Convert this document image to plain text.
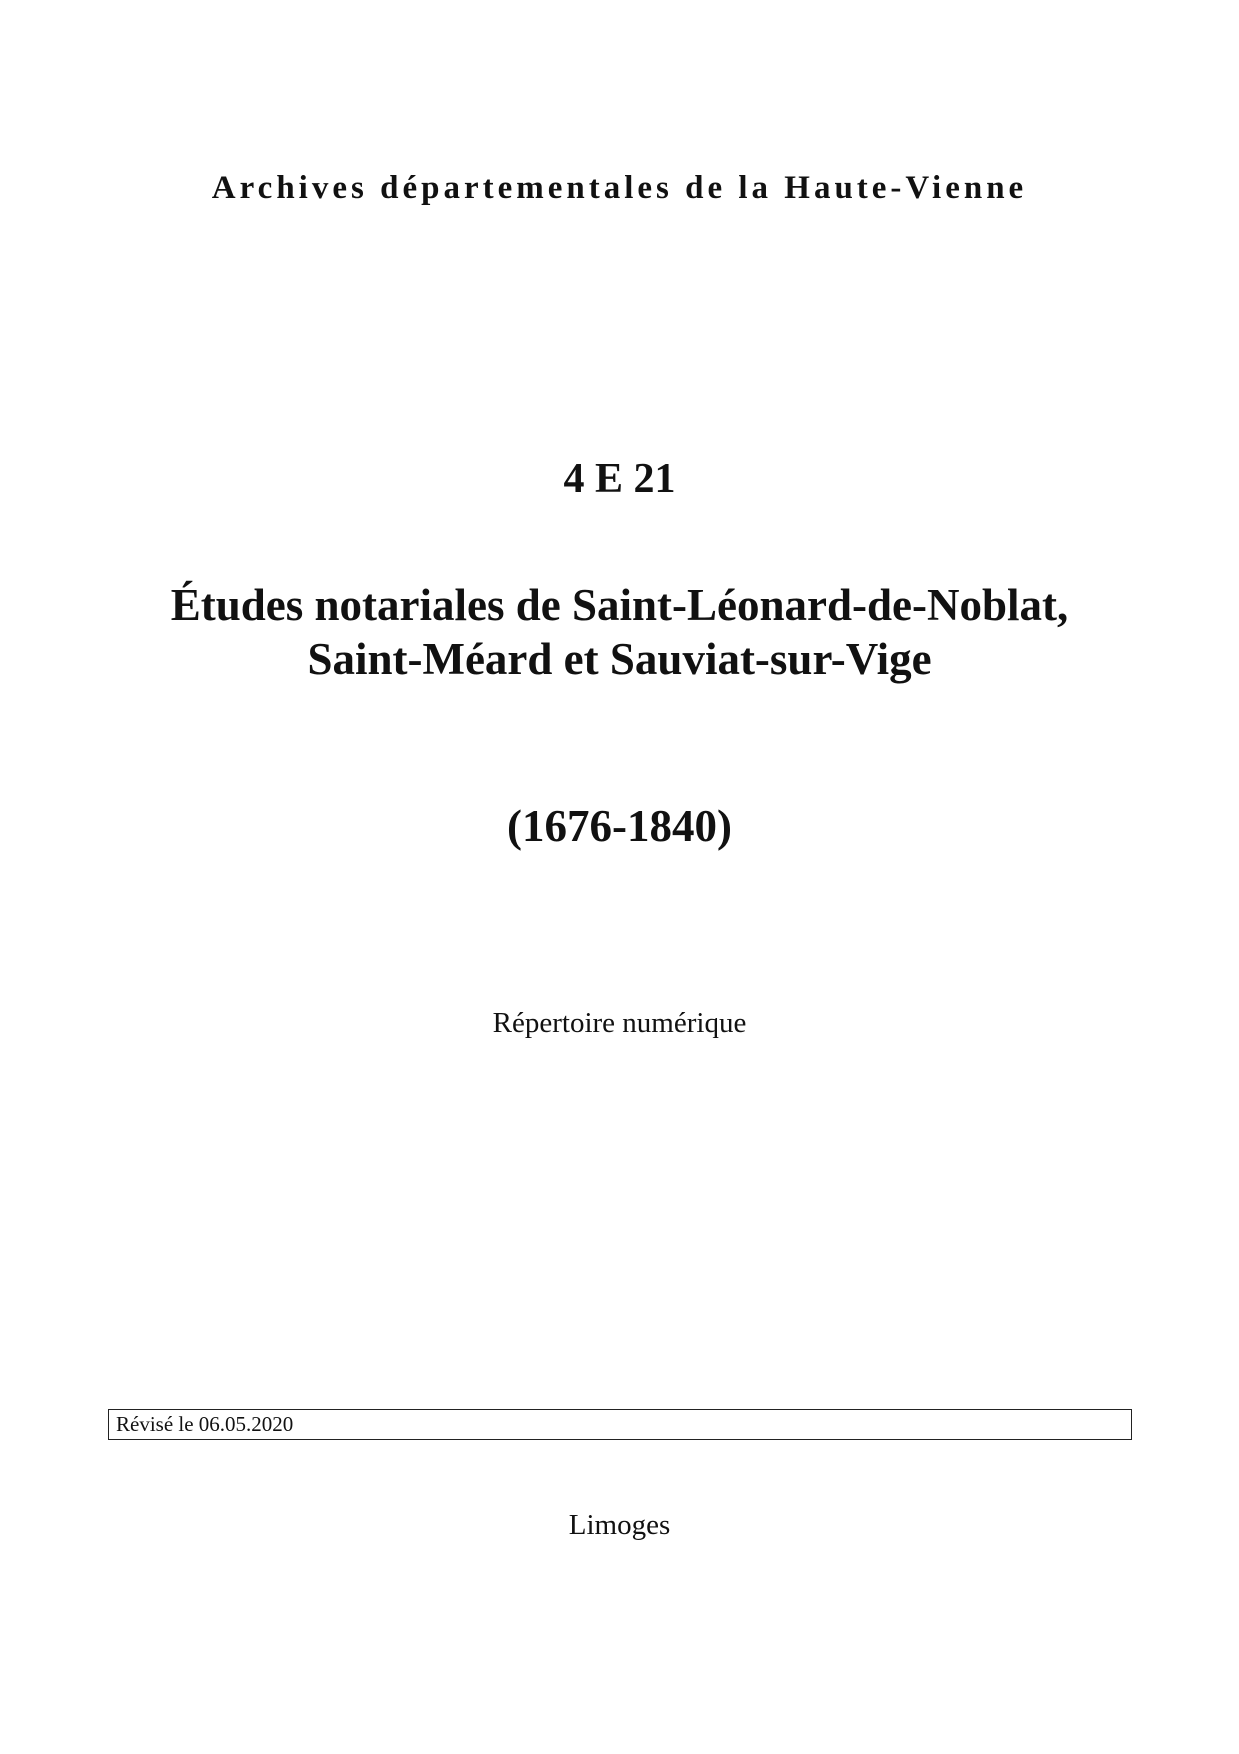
Archives départementales de la Haute-Vienne
4 E 21
Études notariales de Saint-Léonard-de-Noblat,
Saint-Méard et Sauviat-sur-Vige
(1676-1840)
Répertoire numérique
Révisé le 06.05.2020
Limoges
